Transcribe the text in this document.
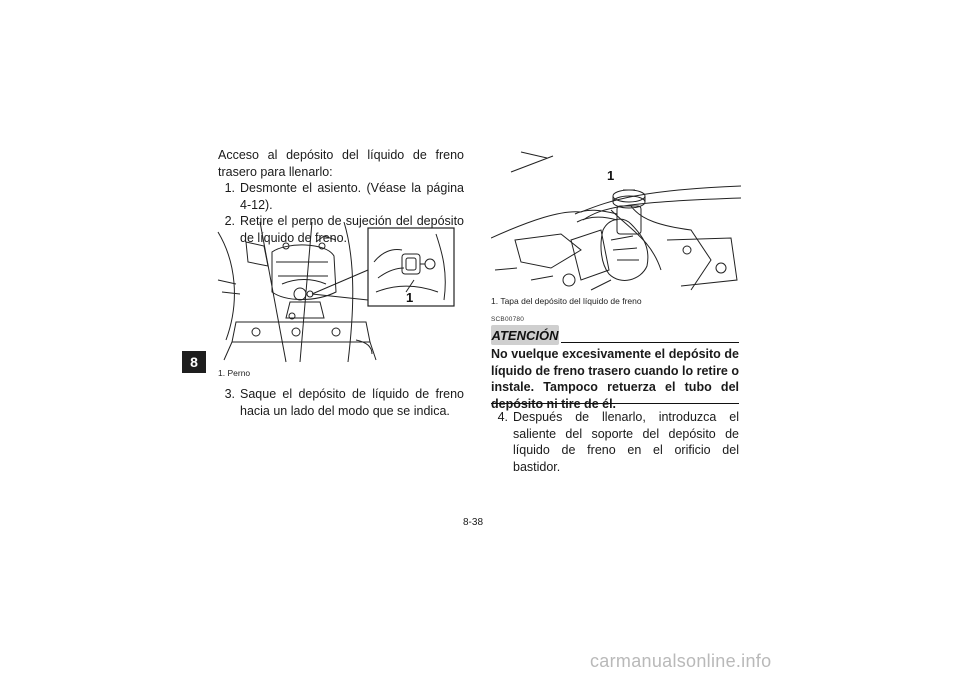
8
Acceso al depósito del líquido de freno trasero para llenarlo:
1. Desmonte el asiento. (Véase la página 4-12).
2. Retire el perno de sujeción del depósito de líquido de freno.
1
1. Perno
3. Saque el depósito de líquido de freno hacia un lado del modo que se indica.
1
1. Tapa del depósito del líquido de freno
SCB00780
ATENCIÓN
No vuelque excesivamente el depósito de líquido de freno trasero cuando lo retire o instale. Tampoco retuerza el tubo del depósito ni tire de él.
4. Después de llenarlo, introduzca el saliente del soporte del depósito de líquido de freno en el orificio del bastidor.
8-38
carmanualsonline.info
